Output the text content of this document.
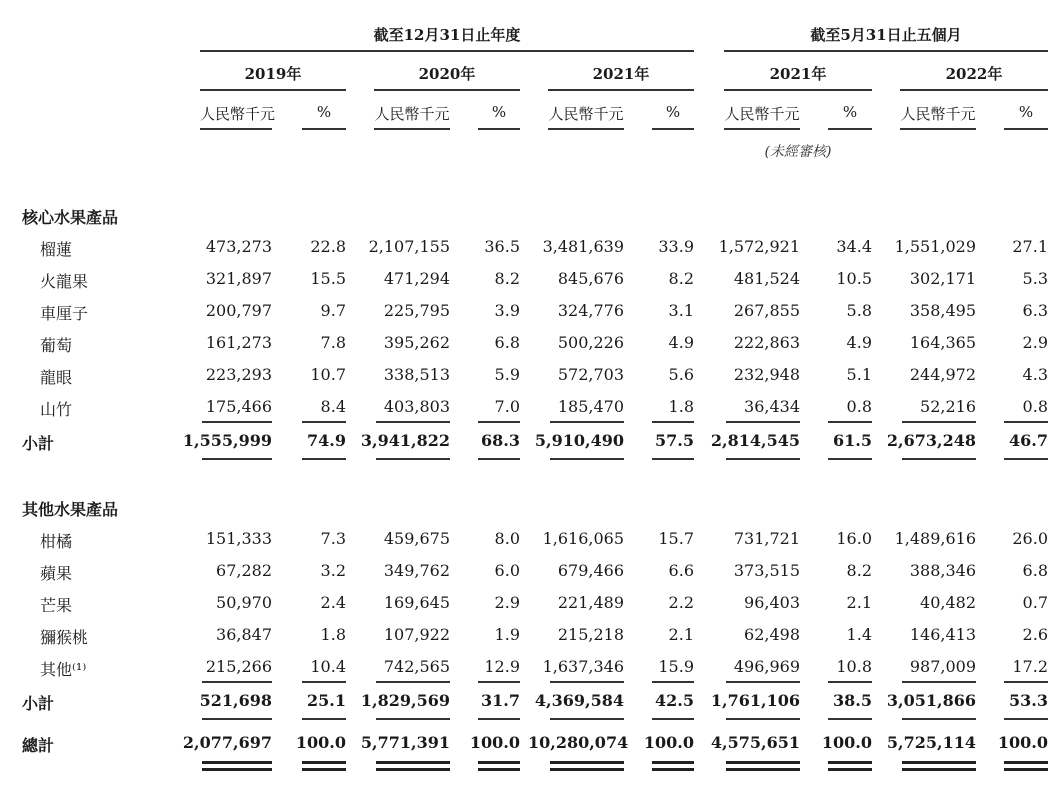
截至12月31日止年度	截至5月31日止五個月
2019年
人民幣千元	%
2020年
人民幣千元	%
2021年
人民幣千元	%
2021年
人民幣千元	%
2022年
人民幣千元	%
(未經審核)
核心水果產品
榴蓮	473,273	22.8	2,107,155	36.5	3,481,639	33.9	1,572,921	34.4	1,551,029	27.1
火龍果	321,897	15.5	471,294	8.2	845,676	8.2	481,524	10.5	302,171	5.3
車厘子	200,797	9.7	225,795	3.9	324,776	3.1	267,855	5.8	358,495	6.3
葡萄	161,273	7.8	395,262	6.8	500,226	4.9	222,863	4.9	164,365	2.9
龍眼	223,293	10.7	338,513	5.9	572,703	5.6	232,948	5.1	244,972	4.3
山竹	175,466	8.4	403,803	7.0	185,470	1.8	36,434	0.8	52,216	0.8
小計	1,555,999	74.9 3,941,822	68.3 5,910,490	57.5	2,814,545	61.5 2,673,248	46.7
其他水果產品
柑橘	151,333	7.3	459,675	8.0	1,616,065	15.7	731,721	16.0	1,489,616	26.0
蘋果	67,282	3.2	349,762	6.0	679,466	6.6	373,515	8.2	388,346	6.8
芒果	50,970	2.4	169,645	2.9	221,489	2.2	96,403	2.1	40,482	0.7
獼猴桃	36,847	1.8	107,922	1.9	215,218	2.1	62,498	1.4	146,413	2.6
其他⁽¹⁾	215,266	10.4	742,565	12.9	1,637,346	15.9	496,969	10.8	987,009	17.2
小計	521,698	25.1 1,829,569	31.7 4,369,584	42.5	1,761,106	38.5 3,051,866	53.3
總計	2,077,697 100.0 5,771,391 100.0 10,280,074 100.0	4,575,651 100.0 5,725,114 100.0
